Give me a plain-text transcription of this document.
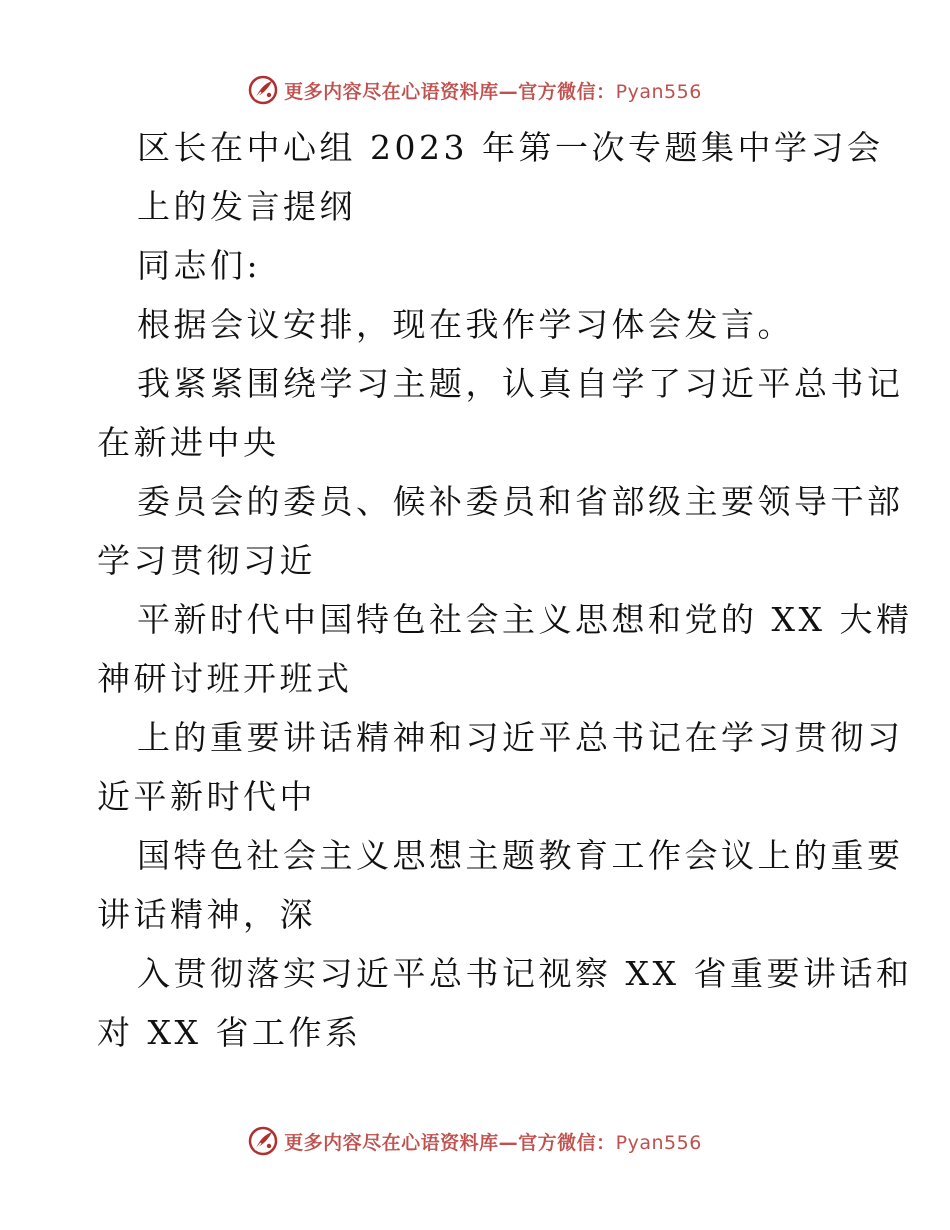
更多内容尽在心语资料库—官方微信：Pyan556
区长在中心组 2023 年第一次专题集中学习会
上的发言提纲
同志们:
根据会议安排，现在我作学习体会发言。
我紧紧围绕学习主题，认真自学了习近平总书记
在新进中央
委员会的委员、候补委员和省部级主要领导干部
学习贯彻习近
平新时代中国特色社会主义思想和党的 XX 大精
神研讨班开班式
上的重要讲话精神和习近平总书记在学习贯彻习
近平新时代中
国特色社会主义思想主题教育工作会议上的重要
讲话精神，深
入贯彻落实习近平总书记视察 XX 省重要讲话和
对 XX 省工作系
更多内容尽在心语资料库—官方微信：Pyan556
